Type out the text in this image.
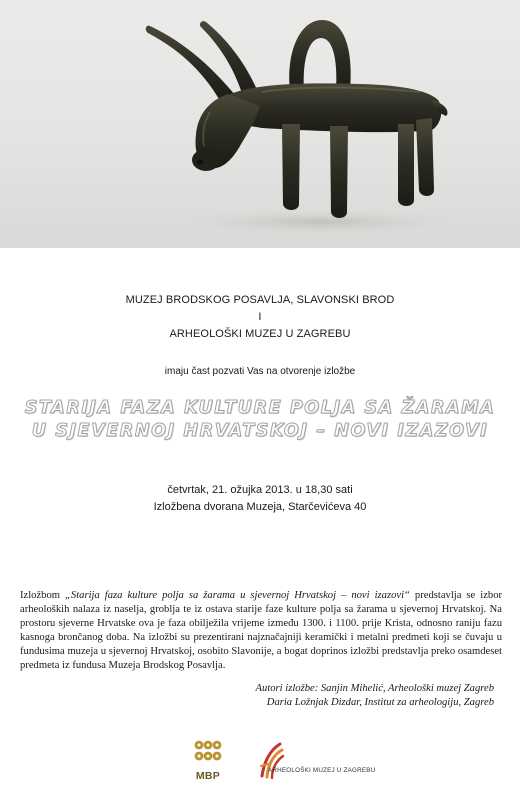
MUZEJ BRODSKOG POSAVLJA, SLAVONSKI BROD
I
ARHEOLOŠKI MUZEJ U ZAGREBU
imaju čast pozvati Vas na otvorenje izložbe
STARIJA FAZA KULTURE POLJA SA ŽARAMA
U SJEVERNOJ HRVATSKOJ – NOVI IZAZOVI
četvrtak, 21. ožujka 2013. u 18,30 sati
Izložbena dvorana Muzeja, Starčevićeva 40

Izložbom „Starija faza kulture polja sa žarama u sjevernoj Hrvatskoj – novi izazovi“ predstavlja se izbor arheoloških nalaza iz naselja, groblja te iz ostava starije faze kulture polja sa žarama u sjevernoj Hrvatskoj. Na prostoru sjeverne Hrvatske ova je faza obilježila vrijeme između 1300. i 1100. prije Krista, odnosno raniju fazu kasnoga brončanog doba. Na izložbi su prezentirani najznačajniji keramički i metalni predmeti koji se čuvaju u fundusima muzeja u sjevernoj Hrvatskoj, osobito Slavonije, a bogat doprinos izložbi predstavlja preko osamdeset predmeta iz fundusa Muzeja Brodskog Posavlja.

Autori izložbe: Sanjin Mihelić, Arheološki muzej Zagreb
Daria Ložnjak Dizdar, Institut za arheologiju, Zagreb
MBP	ARHEOLOŠKI MUZEJ U ZAGREBU
